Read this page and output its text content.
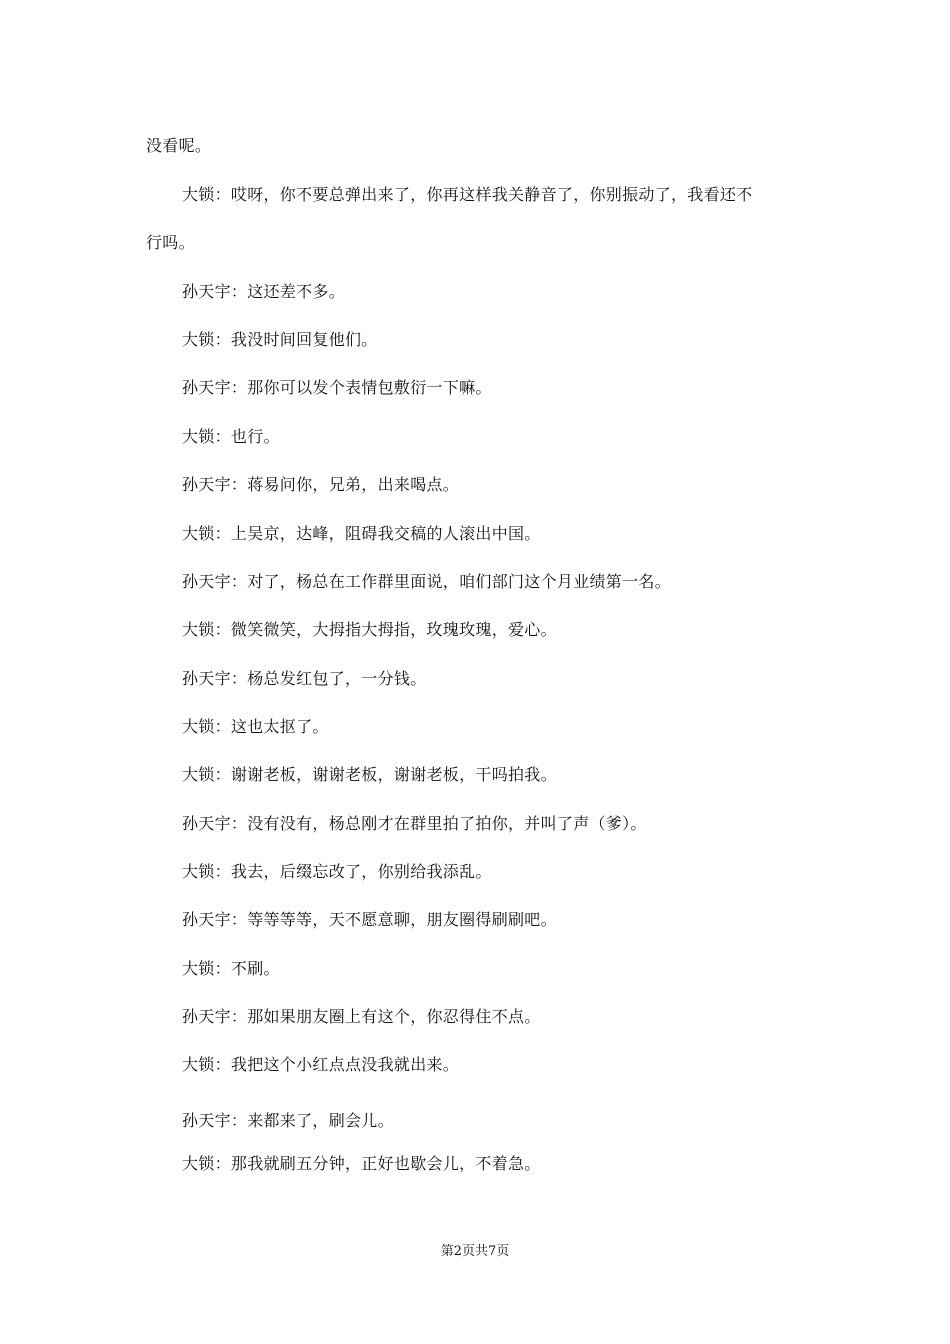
没看呢。
大锁：哎呀，你不要总弹出来了，你再这样我关静音了，你别振动了，我看还不
行吗。
孙天宇：这还差不多。
大锁：我没时间回复他们。
孙天宇：那你可以发个表情包敷衍一下嘛。
大锁：也行。
孙天宇：蒋易问你，兄弟，出来喝点。
大锁：上吴京，达峰，阻碍我交稿的人滚出中国。
孙天宇：对了，杨总在工作群里面说，咱们部门这个月业绩第一名。
大锁：微笑微笑，大拇指大拇指，玫瑰玫瑰，爱心。
孙天宇：杨总发红包了，一分钱。
大锁：这也太抠了。
大锁：谢谢老板，谢谢老板，谢谢老板，干吗拍我。
孙天宇：没有没有，杨总刚才在群里拍了拍你，并叫了声（爹）。
大锁：我去，后缀忘改了，你别给我添乱。
孙天宇：等等等等，天不愿意聊，朋友圈得刷刷吧。
大锁：不刷。
孙天宇：那如果朋友圈上有这个，你忍得住不点。
大锁：我把这个小红点点没我就出来。
孙天宇：来都来了，刷会儿。
大锁：那我就刷五分钟，正好也歇会儿，不着急。
第2页共7页
